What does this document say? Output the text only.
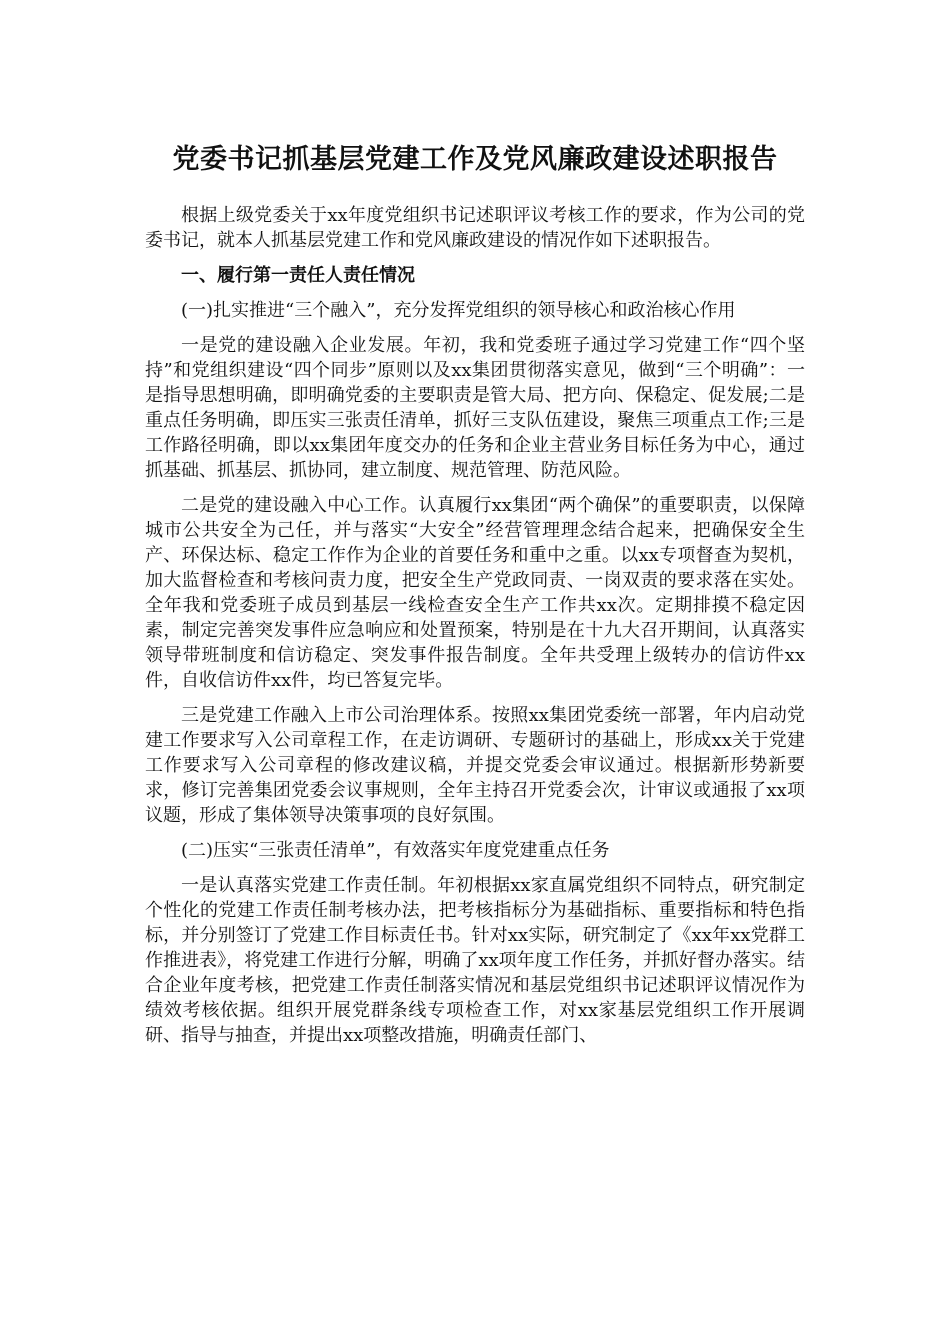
党委书记抓基层党建工作及党风廉政建设述职报告

根据上级党委关于xx年度党组织书记述职评议考核工作的要求，作为公司的党委书记，就本人抓基层党建工作和党风廉政建设的情况作如下述职报告。

一、履行第一责任人责任情况

(一)扎实推进“三个融入”，充分发挥党组织的领导核心和政治核心作用

一是党的建设融入企业发展。年初，我和党委班子通过学习党建工作“四个坚持”和党组织建设“四个同步”原则以及xx集团贯彻落实意见，做到“三个明确”：一是指导思想明确，即明确党委的主要职责是管大局、把方向、保稳定、促发展;二是重点任务明确，即压实三张责任清单，抓好三支队伍建设，聚焦三项重点工作;三是工作路径明确，即以xx集团年度交办的任务和企业主营业务目标任务为中心，通过抓基础、抓基层、抓协同，建立制度、规范管理、防范风险。

二是党的建设融入中心工作。认真履行xx集团“两个确保”的重要职责，以保障城市公共安全为己任，并与落实“大安全”经营管理理念结合起来，把确保安全生产、环保达标、稳定工作作为企业的首要任务和重中之重。以xx专项督查为契机，加大监督检查和考核问责力度，把安全生产党政同责、一岗双责的要求落在实处。全年我和党委班子成员到基层一线检查安全生产工作共xx次。定期排摸不稳定因素，制定完善突发事件应急响应和处置预案，特别是在十九大召开期间，认真落实领导带班制度和信访稳定、突发事件报告制度。全年共受理上级转办的信访件xx件，自收信访件xx件，均已答复完毕。

三是党建工作融入上市公司治理体系。按照xx集团党委统一部署，年内启动党建工作要求写入公司章程工作，在走访调研、专题研讨的基础上，形成xx关于党建工作要求写入公司章程的修改建议稿，并提交党委会审议通过。根据新形势新要求，修订完善集团党委会议事规则，全年主持召开党委会次，计审议或通报了xx项议题，形成了集体领导决策事项的良好氛围。

(二)压实“三张责任清单”，有效落实年度党建重点任务

一是认真落实党建工作责任制。年初根据xx家直属党组织不同特点，研究制定个性化的党建工作责任制考核办法，把考核指标分为基础指标、重要指标和特色指标，并分别签订了党建工作目标责任书。针对xx实际，研究制定了《xx年xx党群工作推进表》，将党建工作进行分解，明确了xx项年度工作任务，并抓好督办落实。结合企业年度考核，把党建工作责任制落实情况和基层党组织书记述职评议情况作为绩效考核依据。组织开展党群条线专项检查工作，对xx家基层党组织工作开展调研、指导与抽查，并提出xx项整改措施，明确责任部门、
